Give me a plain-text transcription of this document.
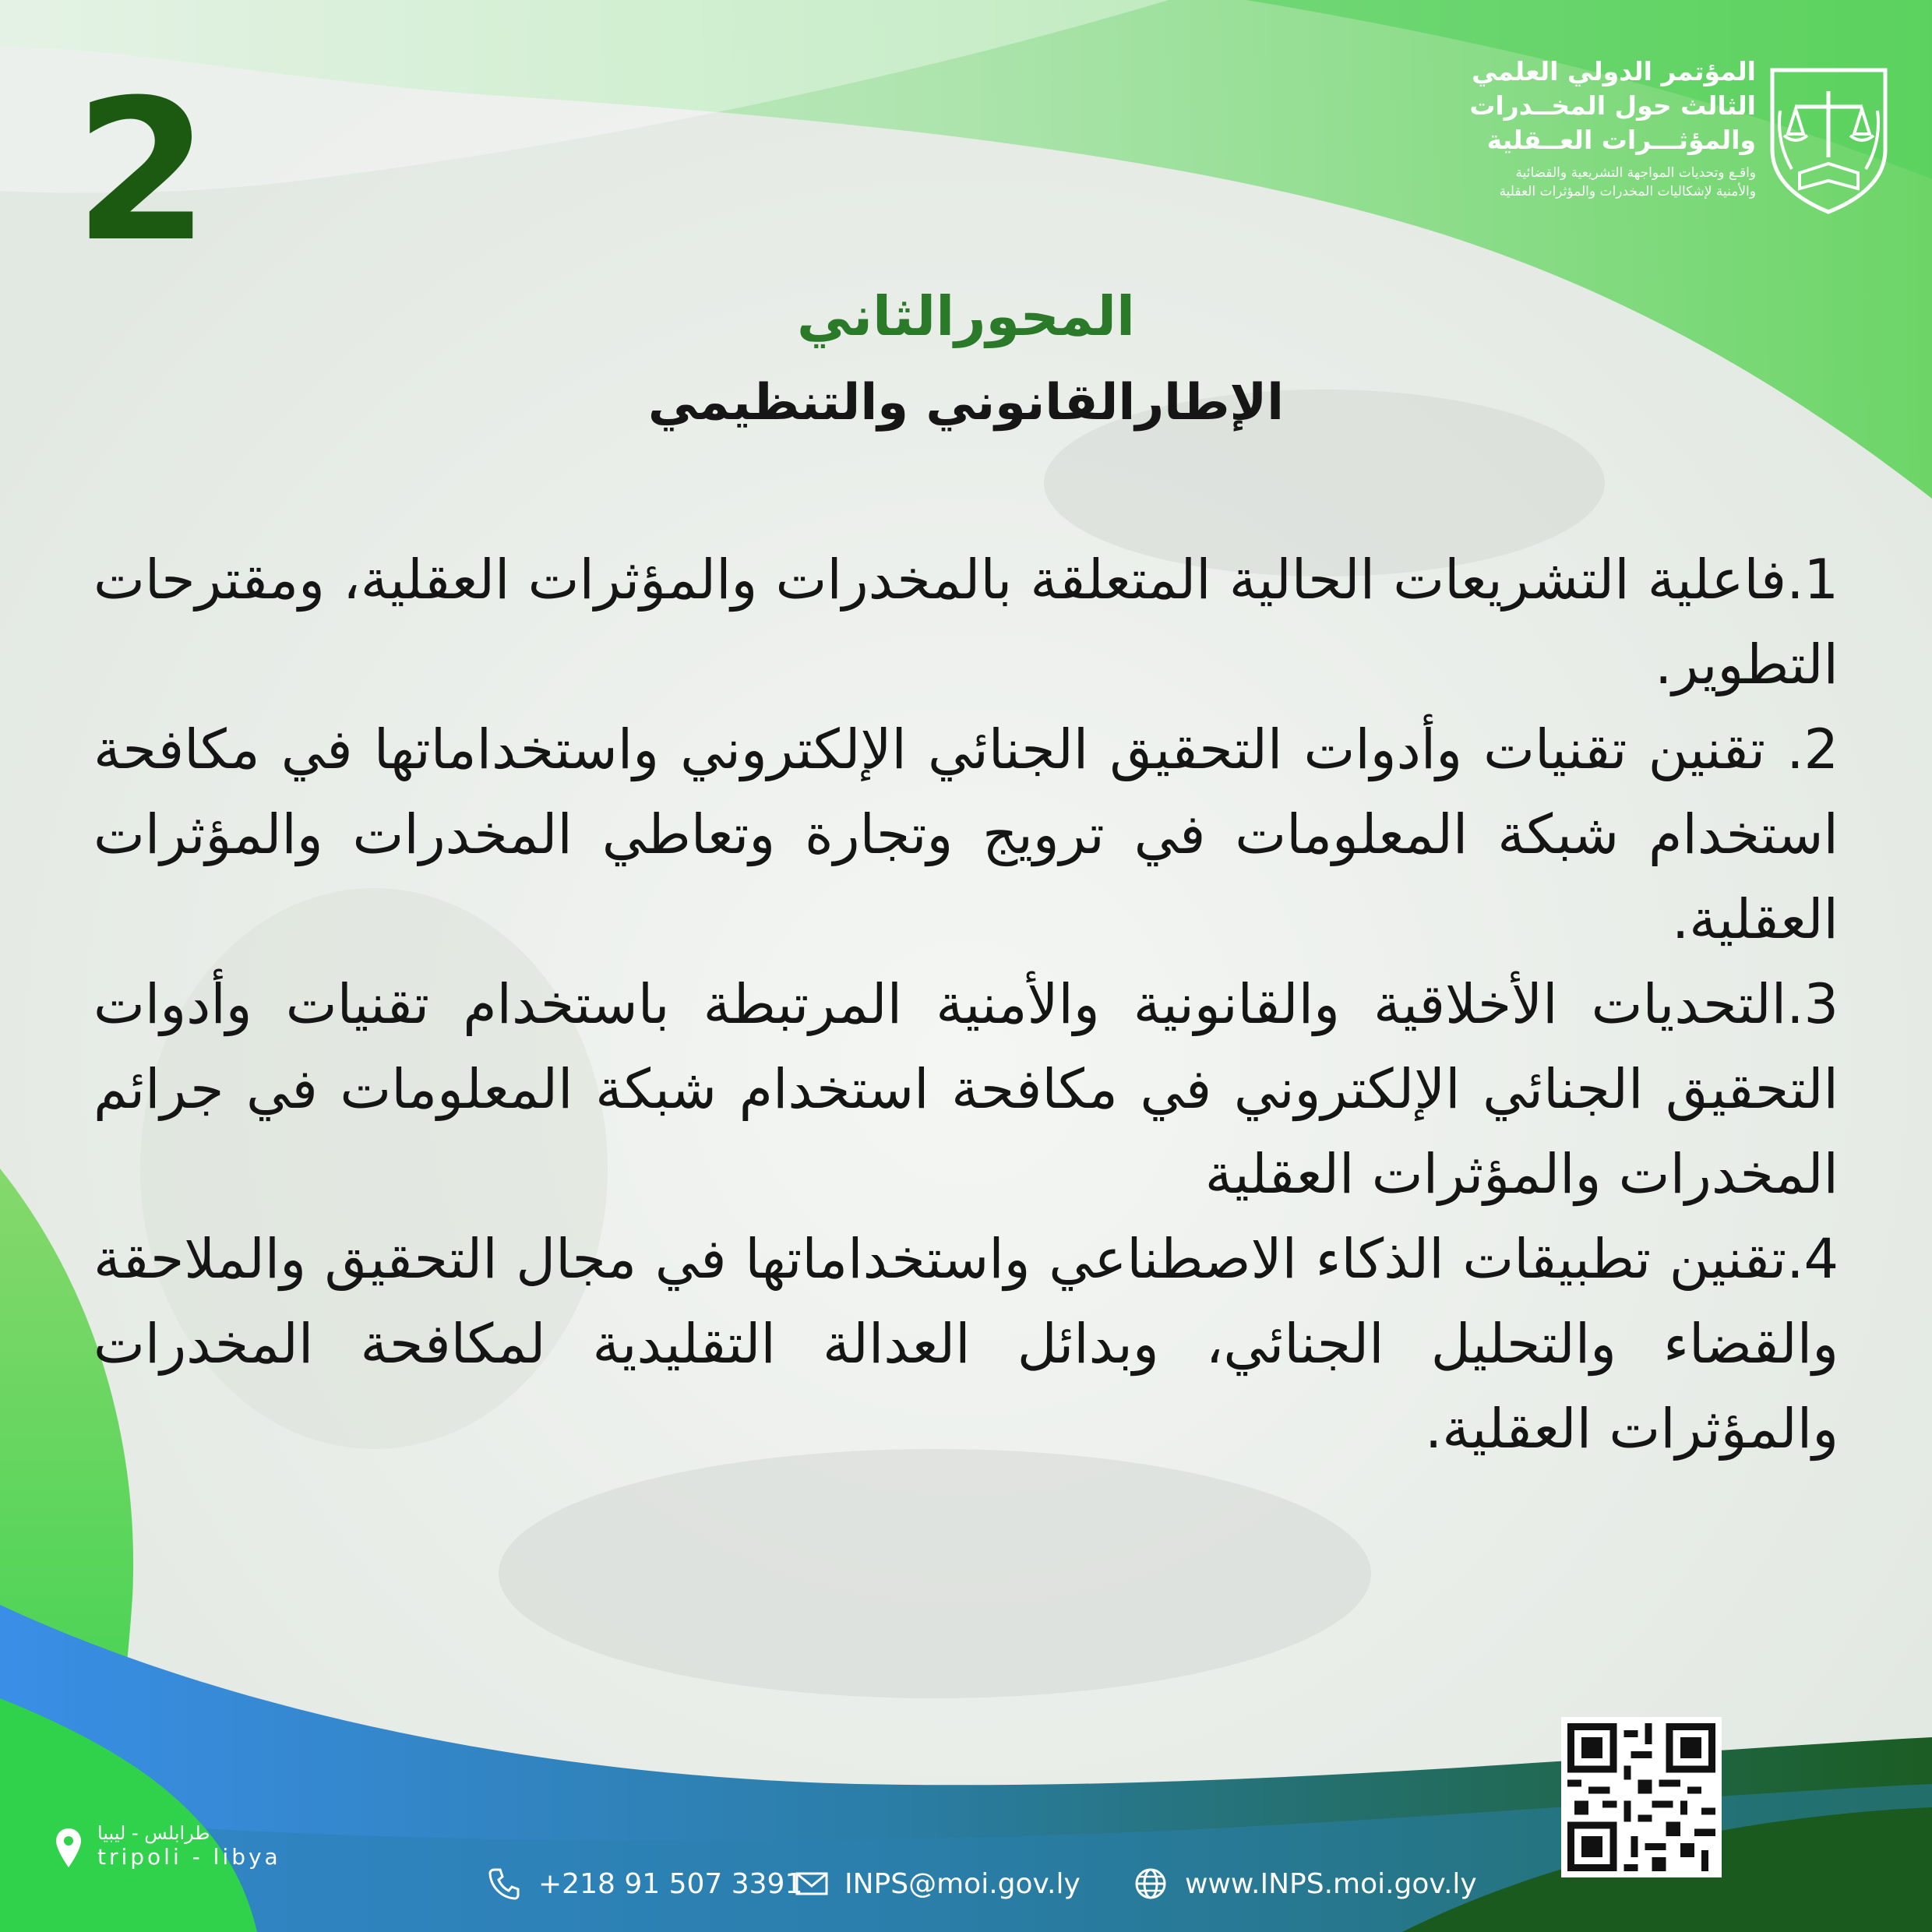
2	المؤتمر الدولي العلمي
الثالث حول المخــدرات
والمؤثـــرات العــقلية
واقـع وتحديات المواجهة التشريعية والقضائية
والأمنية لإشكاليات المخدرات والمؤثرات العقلية
المحورالثاني
الإطارالقانوني والتنظيمي

1.فاعلية التشريعات الحالية المتعلقة بالمخدرات والمؤثرات العقلية، ومقترحات التطوير.

2. تقنين تقنيات وأدوات التحقيق الجنائي الإلكتروني واستخداماتها في مكافحة استخدام شبكة المعلومات في ترويج وتجارة وتعاطي المخدرات والمؤثرات العقلية.

3.التحديات الأخلاقية والقانونية والأمنية المرتبطة باستخدام تقنيات وأدوات التحقيق الجنائي الإلكتروني في مكافحة استخدام شبكة المعلومات في جرائم المخدرات والمؤثرات العقلية

4.تقنين تطبيقات الذكاء الاصطناعي واستخداماتها في مجال التحقيق والملاحقة والقضاء والتحليل الجنائي، وبدائل العدالة التقليدية لمكافحة المخدرات والمؤثرات العقلية.

طرابلس - ليبيا
tripoli - libya
+218 91 507 3391 INPS@moi.gov.ly	www.INPS.moi.gov.ly
